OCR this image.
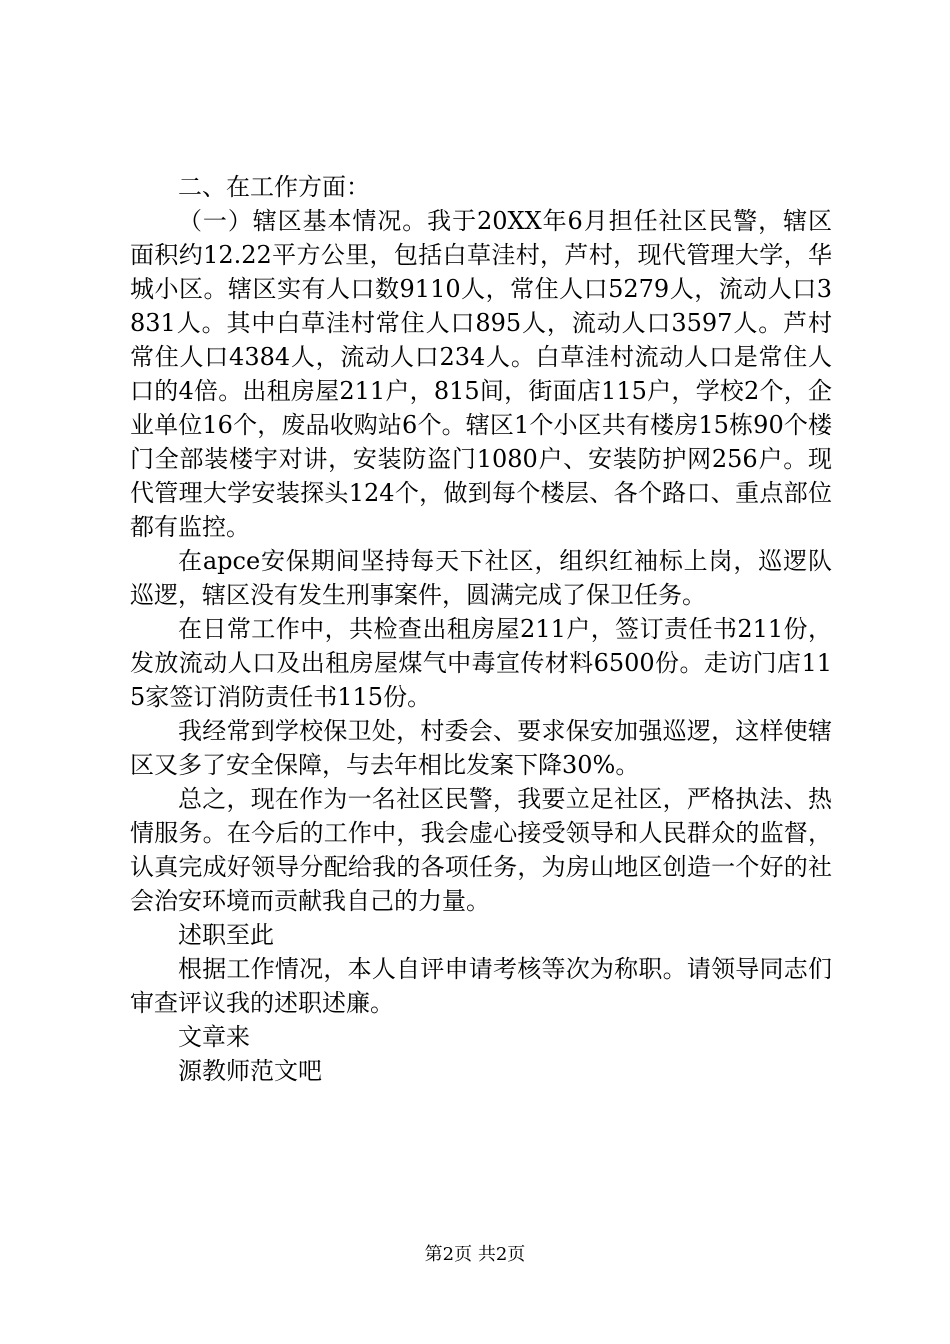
二、在工作方面：

（一）辖区基本情况。我于20XX年6月担任社区民警，辖区面积约12.22平方公里，包括白草洼村，芦村，现代管理大学，华城小区。辖区实有人口数9110人，常住人口5279人，流动人口3831人。其中白草洼村常住人口895人，流动人口3597人。芦村常住人口4384人，流动人口234人。白草洼村流动人口是常住人口的4倍。出租房屋211户，815间，街面店115户，学校2个，企业单位16个，废品收购站6个。辖区1个小区共有楼房15栋90个楼门全部装楼宇对讲，安装防盗门1080户、安装防护网256户。现代管理大学安装探头124个，做到每个楼层、各个路口、重点部位都有监控。

在apce安保期间坚持每天下社区，组织红袖标上岗，巡逻队巡逻，辖区没有发生刑事案件，圆满完成了保卫任务。

在日常工作中，共检查出租房屋211户，签订责任书211份，发放流动人口及出租房屋煤气中毒宣传材料6500份。走访门店115家签订消防责任书115份。

我经常到学校保卫处，村委会、要求保安加强巡逻，这样使辖区又多了安全保障，与去年相比发案下降30%。

总之，现在作为一名社区民警，我要立足社区，严格执法、热情服务。在今后的工作中，我会虚心接受领导和人民群众的监督，认真完成好领导分配给我的各项任务，为房山地区创造一个好的社会治安环境而贡献我自己的力量。

述职至此

根据工作情况，本人自评申请考核等次为称职。请领导同志们审查评议我的述职述廉。

文章来

源教师范文吧

第2页 共2页
